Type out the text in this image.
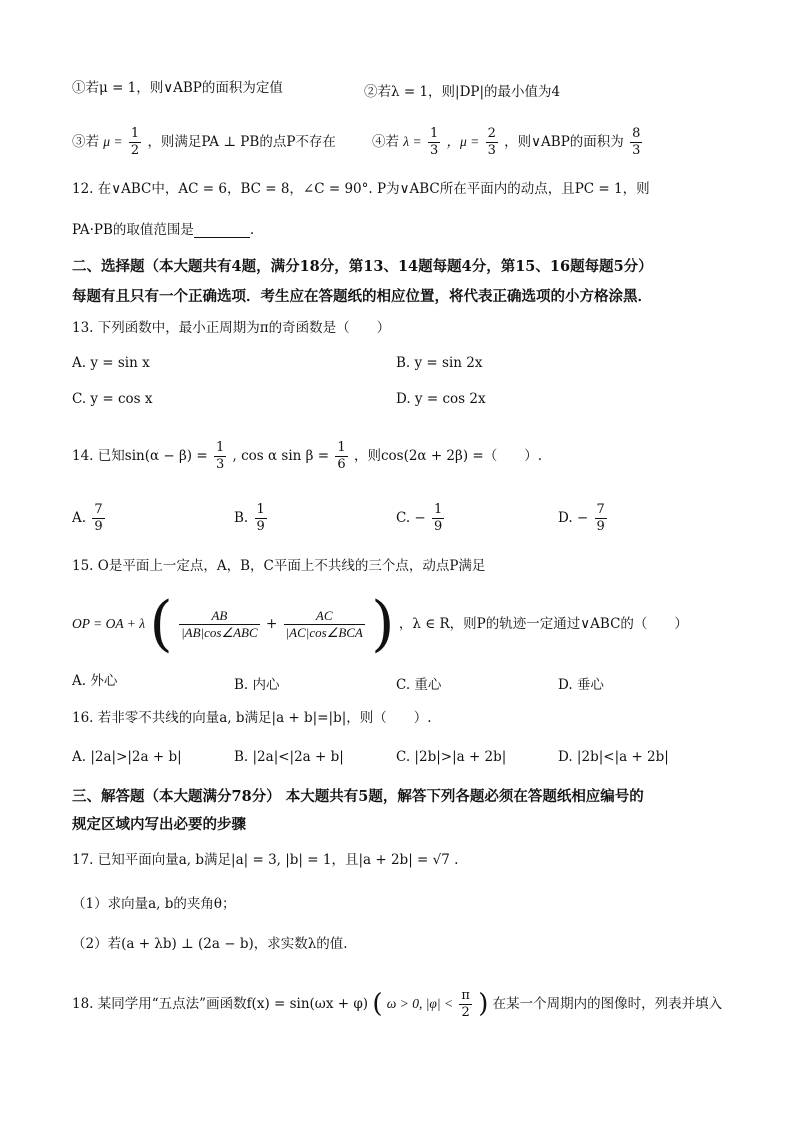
①若μ = 1，则∨ABP的面积为定值	②若λ = 1，则|DP|的最小值为4
③若 $\mu = \frac{1}{2}$ ，则满足PA ⊥ PB的点P不存在	④若 $\lambda = \frac{1}{3}$ ，$\mu = \frac{2}{3}$ ，则∨ABP的面积为 $\frac{8}{3}$
12. 在∨ABC中，AC = 6，BC = 8，∠C = 90°. P为∨ABC所在平面内的动点，且PC = 1，则
PA·PB的取值范围是	.
二、选择题（本大题共有4题，满分18分，第13、14题每题4分，第15、16题每题5分）
每题有且只有一个正确选项．考生应在答题纸的相应位置，将代表正确选项的小方格涂黑．
13. 下列函数中，最小正周期为π的奇函数是（　　）
A. y = sin x	B. y = sin 2x
C. y = cos x	D. y = cos 2x
14. 已知$\sin(\alpha - \beta) = \frac{1}{3}$ , cos α $\sin \beta = \frac{1}{6}$ ，则cos(2α + 2β) =（　　）.
A. $\frac{7}{9}$	B. $\frac{1}{9}$	C. − $\frac{1}{9}$	D. − $\frac{7}{9}$
15. O是平面上一定点，A，B，C平面上不共线的三个点，动点P满足
OP = OA + λ ( $\frac{AB}{\text{|AB|cos∠ABC}} + \frac{AC}{\text{|AC|cos∠BCA}}$ ) ，λ ∈ R，则P的轨迹一定通过∨ABC的（　　）
A. 外心	B. 内心	C. 重心	D. 垂心
16. 若非零不共线的向量a, b满足|a + b|=|b|，则（　　）.
A. |2a|>|2a + b|	B. |2a|<|2a + b|	C. |2b|>|a + 2b|	D. |2b|<|a + 2b|
三、解答题（本大题满分78分） 本大题共有5题，解答下列各题必须在答题纸相应编号的
规定区域内写出必要的步骤
17. 已知平面向量a, b满足|a| = 3, |b| = 1，且|a + 2b| = √7 .
（1）求向量a, b的夹角θ；
（2）若(a + λb) ⊥ (2a − b)，求实数λ的值.
18. 某同学用“五点法”画函数f(x) = sin(ωx + φ) ( ω > 0, $|\varphi| < \frac{\pi}{2}$ ) 在某一个周期内的图像时，列表并填入
